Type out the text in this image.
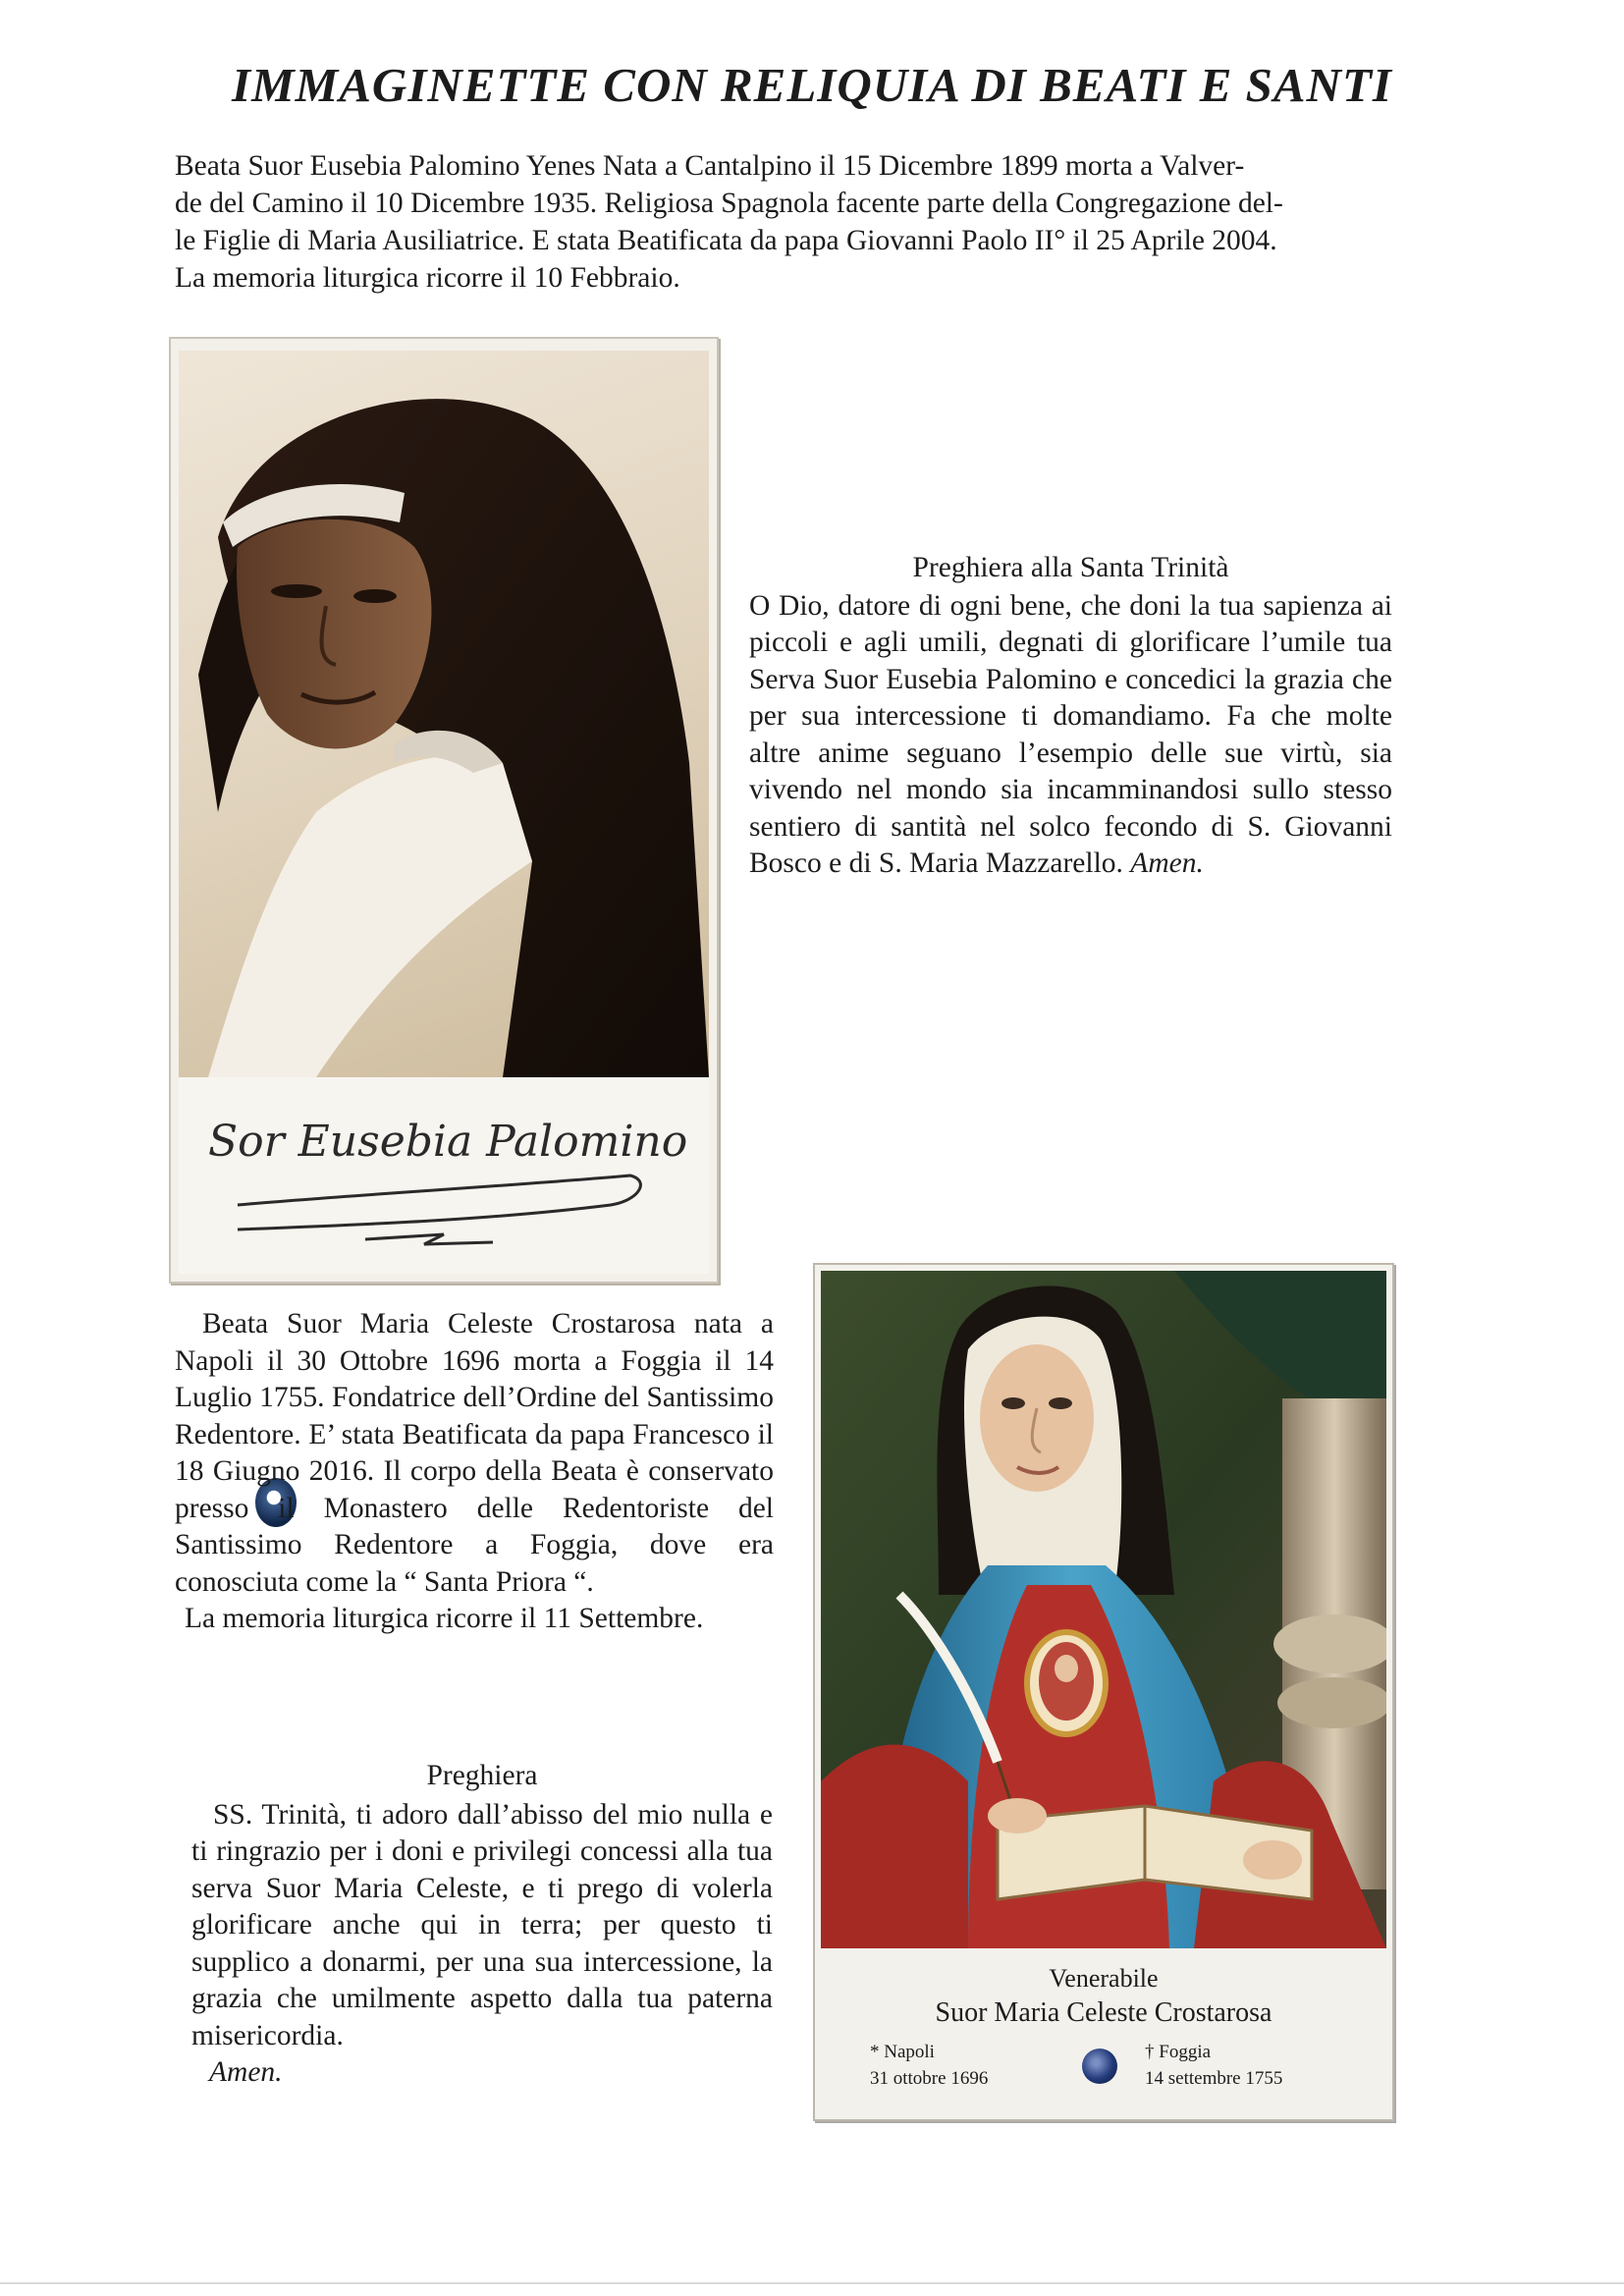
IMMAGINETTE CON RELIQUIA DI BEATI E SANTI

Beata Suor Eusebia Palomino Yenes Nata a Cantalpino il 15 Dicembre 1899 morta a Valver-

de del Camino il 10 Dicembre 1935. Religiosa Spagnola facente parte della Congregazione del-

le Figlie di Maria Ausiliatrice. E stata Beatificata da papa Giovanni Paolo II° il 25 Aprile 2004.

La memoria liturgica ricorre il 10 Febbraio.

Sor Eusebia Palomino
Preghiera alla Santa Trinità
O Dio, datore di ogni bene, che doni la tua sapienza ai piccoli e agli umili, degnati di glorificare l’umile tua Serva Suor Eusebia Palomino e concedici la grazia che per sua intercessione ti domandiamo. Fa che molte altre anime seguano l’esempio delle sue virtù, sia vivendo nel mondo sia incamminandosi sullo stesso sentiero di santità nel solco fecondo di S. Giovanni Bosco e di S. Maria Mazzarello. Amen.

Beata Suor Maria Celeste Crostarosa nata a Napoli il 30 Ottobre 1696 morta a Foggia il 14 Luglio 1755. Fondatrice dell’Ordine del Santissimo Redentore. E’ stata Beatificata da papa Francesco il 18 Giugno 2016. Il corpo della Beata è conservato presso il Monastero delle Redentoriste del Santissimo Redentore a Foggia, dove era conosciuta come la “ Santa Priora “.

La memoria liturgica ricorre il 11 Settembre.

Preghiera
SS. Trinità, ti adoro dall’abisso del mio nulla e ti ringrazio per i doni e privilegi concessi alla tua serva Suor Maria Celeste, e ti prego di volerla glorificare anche qui in terra; per questo ti supplico a donarmi, per una sua intercessione, la grazia che umilmente aspetto dalla tua paterna misericordia.
Amen.
Venerabile
Suor Maria Celeste Crostarosa
* Napoli
31 ottobre 1696
† Foggia
14 settembre 1755
